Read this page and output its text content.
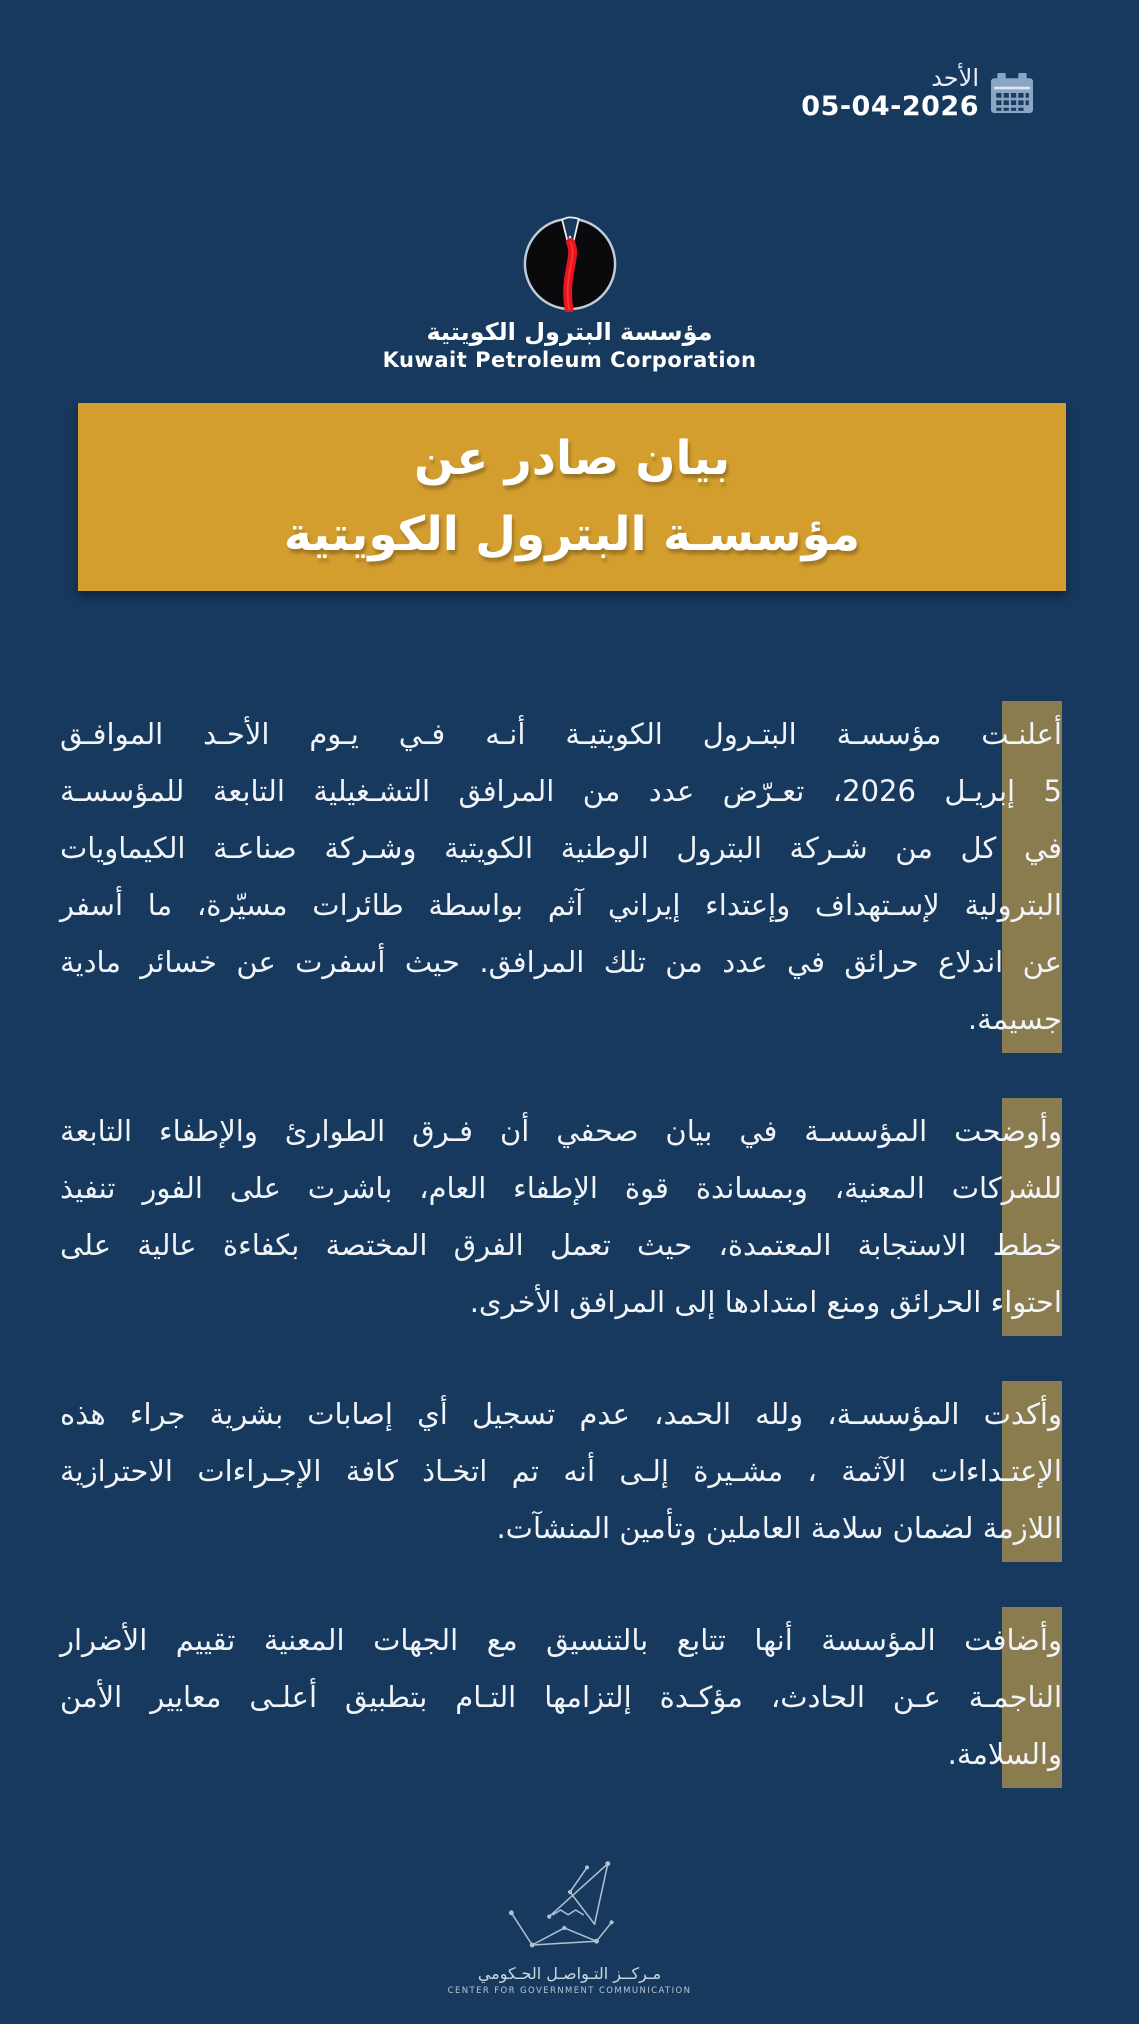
الأحد
05-04-2026
مؤسسة البترول الكويتية
Kuwait Petroleum Corporation
بيان صادر عن
مؤسسـة البترول الكويتية
أعلنـت مؤسسـة البتـرول الكويتيـة أنـه فـي يـوم الأحـد الموافـق
5 إبريـل 2026، تعـرّض عدد من المرافق التشـغيلية التابعة للمؤسسـة
في كل من شـركة البترول الوطنية الكويتية وشـركة صناعـة الكيماويات
البترولية لإسـتهداف وإعتداء إيراني آثم بواسطة طائرات مسيّرة، ما أسفر
عن اندلاع حرائق في عدد من تلك المرافق. حيث أسفرت عن خسائر مادية
جسيمة.
وأوضحت المؤسسـة في بيان صحفي أن فـرق الطوارئ والإطفاء التابعة
للشركات المعنية، وبمساندة قوة الإطفاء العام، باشرت على الفور تنفيذ
خطط الاستجابة المعتمدة، حيث تعمل الفرق المختصة بكفاءة عالية على
احتواء الحرائق ومنع امتدادها إلى المرافق الأخرى.
وأكدت المؤسسـة، ولله الحمد، عدم تسجيل أي إصابات بشرية جراء هذه
الإعتـداءات الآثمة ، مشـيرة إلـى أنه تم اتخـاذ كافة الإجـراءات الاحترازية
اللازمة لضمان سلامة العاملين وتأمين المنشآت.
وأضافت المؤسسة أنها تتابع بالتنسيق مع الجهات المعنية تقييم الأضرار
الناجمـة عـن الحادث، مؤكـدة إلتزامها التـام بتطبيق أعلـى معايير الأمن
والسلامة.
مـركــز التـواصـل الحـكومي
CENTER FOR GOVERNMENT COMMUNICATION
